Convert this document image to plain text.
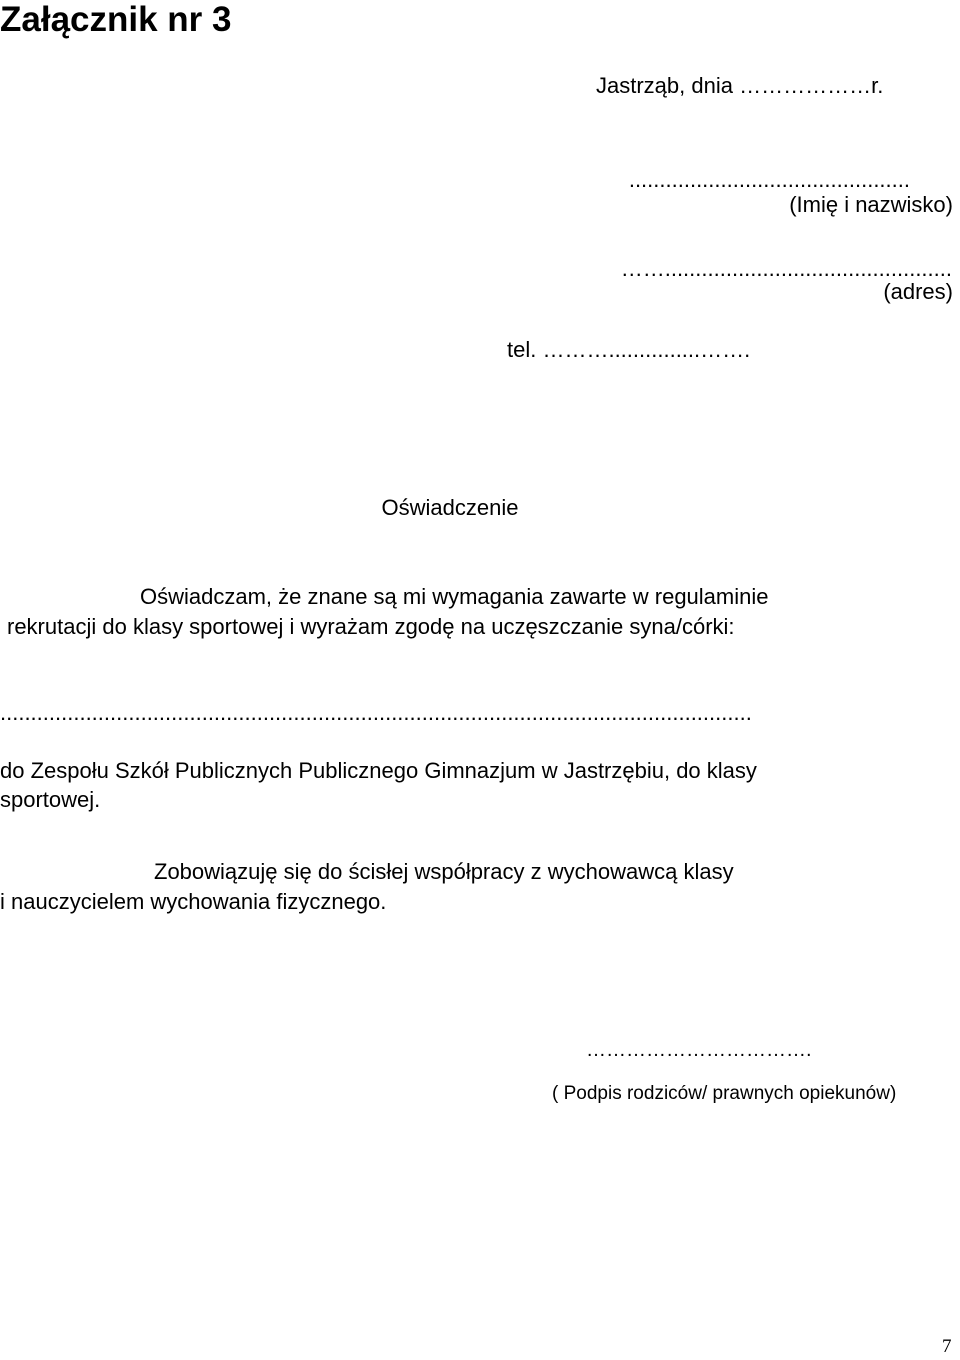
Załącznik nr 3
Jastrząb, dnia ………………r.
..............................................
(Imię i nazwisko)
……...............................................
(adres)
tel. ………...............…….
Oświadczenie
Oświadczam, że znane są mi wymagania zawarte w regulaminie
rekrutacji do klasy sportowej i wyrażam zgodę na uczęszczanie syna/córki:
...........................................................................................................................
do Zespołu Szkół Publicznych Publicznego Gimnazjum w Jastrzębiu, do klasy
sportowej.
Zobowiązuję się do ścisłej współpracy z wychowawcą klasy
i nauczycielem wychowania fizycznego.
…………………………….
( Podpis rodziców/ prawnych opiekunów)
7
